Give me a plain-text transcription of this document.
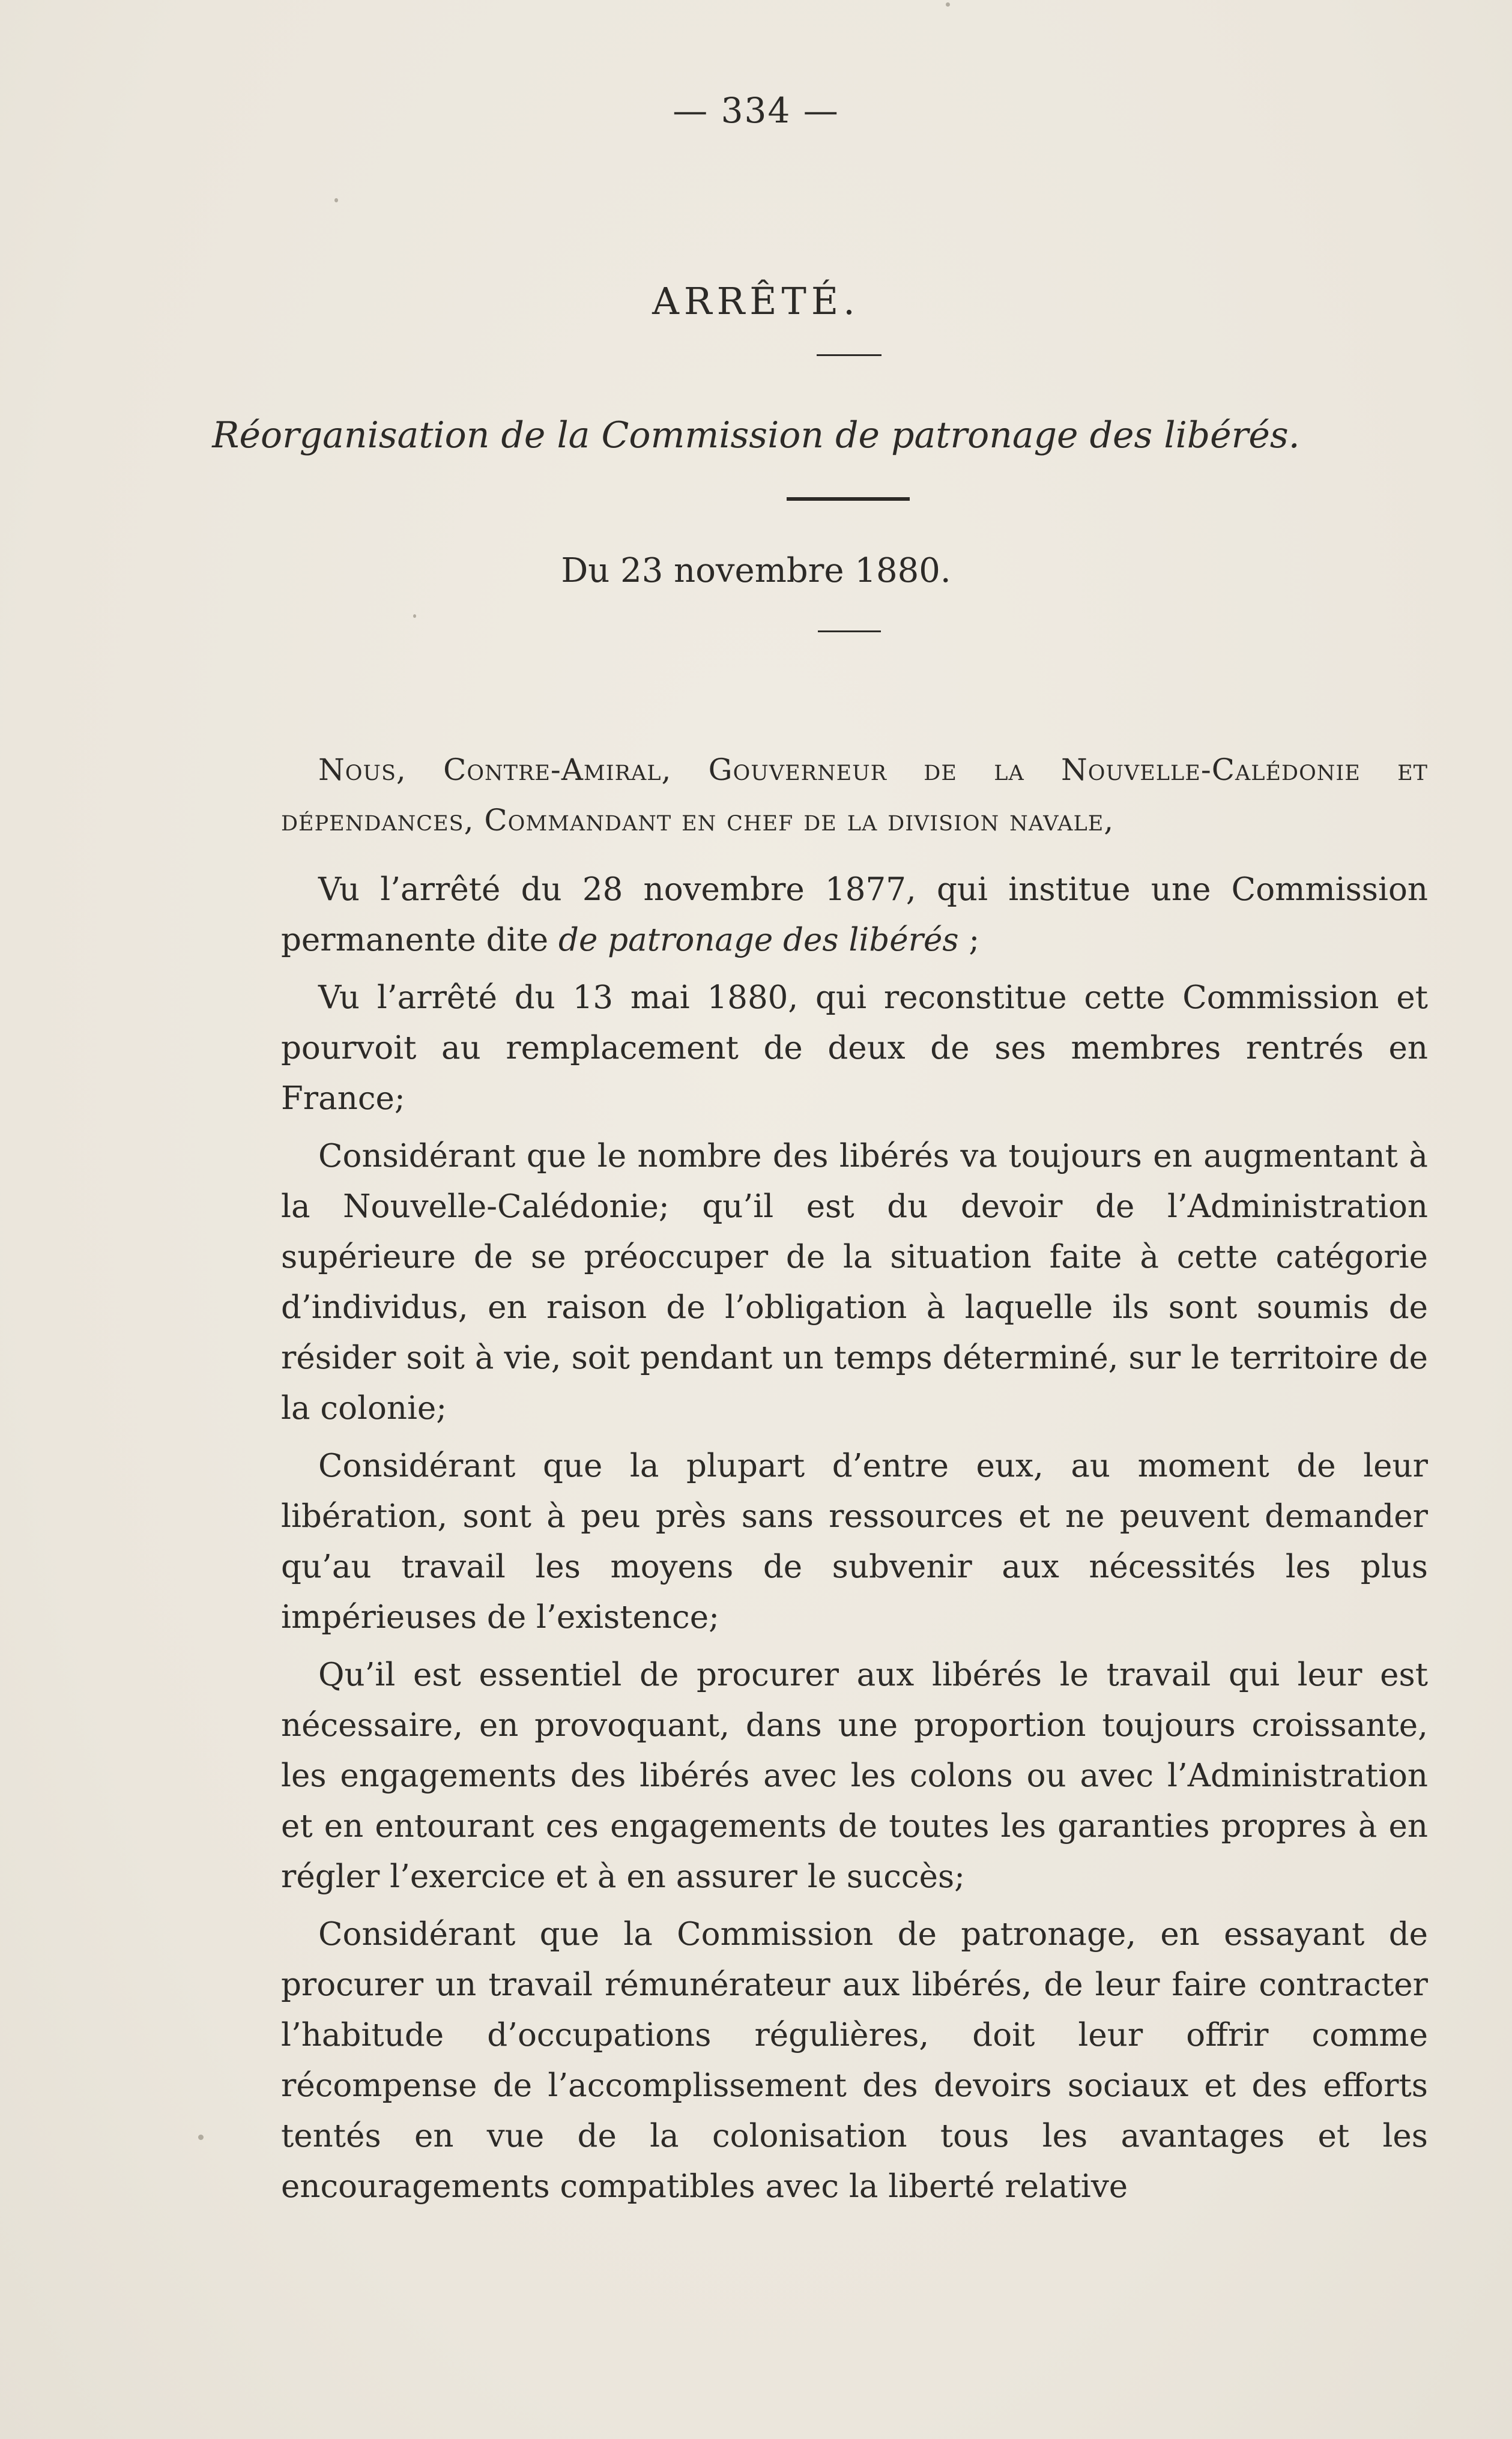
— 334 —
ARRÊTÉ.
Réorganisation de la Commission de patronage des libérés.
Du 23 novembre 1880.

Nous, Contre-Amiral, Gouverneur de la Nouvelle-Calédonie et dépendances, Commandant en chef de la division navale,

Vu l’arrêté du 28 novembre 1877, qui institue une Commission permanente dite de patronage des libérés ;

Vu l’arrêté du 13 mai 1880, qui reconstitue cette Commission et pourvoit au remplacement de deux de ses membres rentrés en France;

Considérant que le nombre des libérés va toujours en augmentant à la Nouvelle-Calédonie; qu’il est du devoir de l’Administration supérieure de se préoccuper de la situation faite à cette catégorie d’individus, en raison de l’obligation à laquelle ils sont soumis de résider soit à vie, soit pendant un temps déterminé, sur le territoire de la colonie;

Considérant que la plupart d’entre eux, au moment de leur libération, sont à peu près sans ressources et ne peuvent demander qu’au travail les moyens de subvenir aux nécessités les plus impérieuses de l’existence;

Qu’il est essentiel de procurer aux libérés le travail qui leur est nécessaire, en provoquant, dans une proportion toujours croissante, les engagements des libérés avec les colons ou avec l’Administration et en entourant ces engagements de toutes les garanties propres à en régler l’exercice et à en assurer le succès;

Considérant que la Commission de patronage, en essayant de procurer un travail rémunérateur aux libérés, de leur faire contracter l’habitude d’occupations régulières, doit leur offrir comme récompense de l’accomplissement des devoirs sociaux et des efforts tentés en vue de la colonisation tous les avantages et les encouragements compatibles avec la liberté relative
